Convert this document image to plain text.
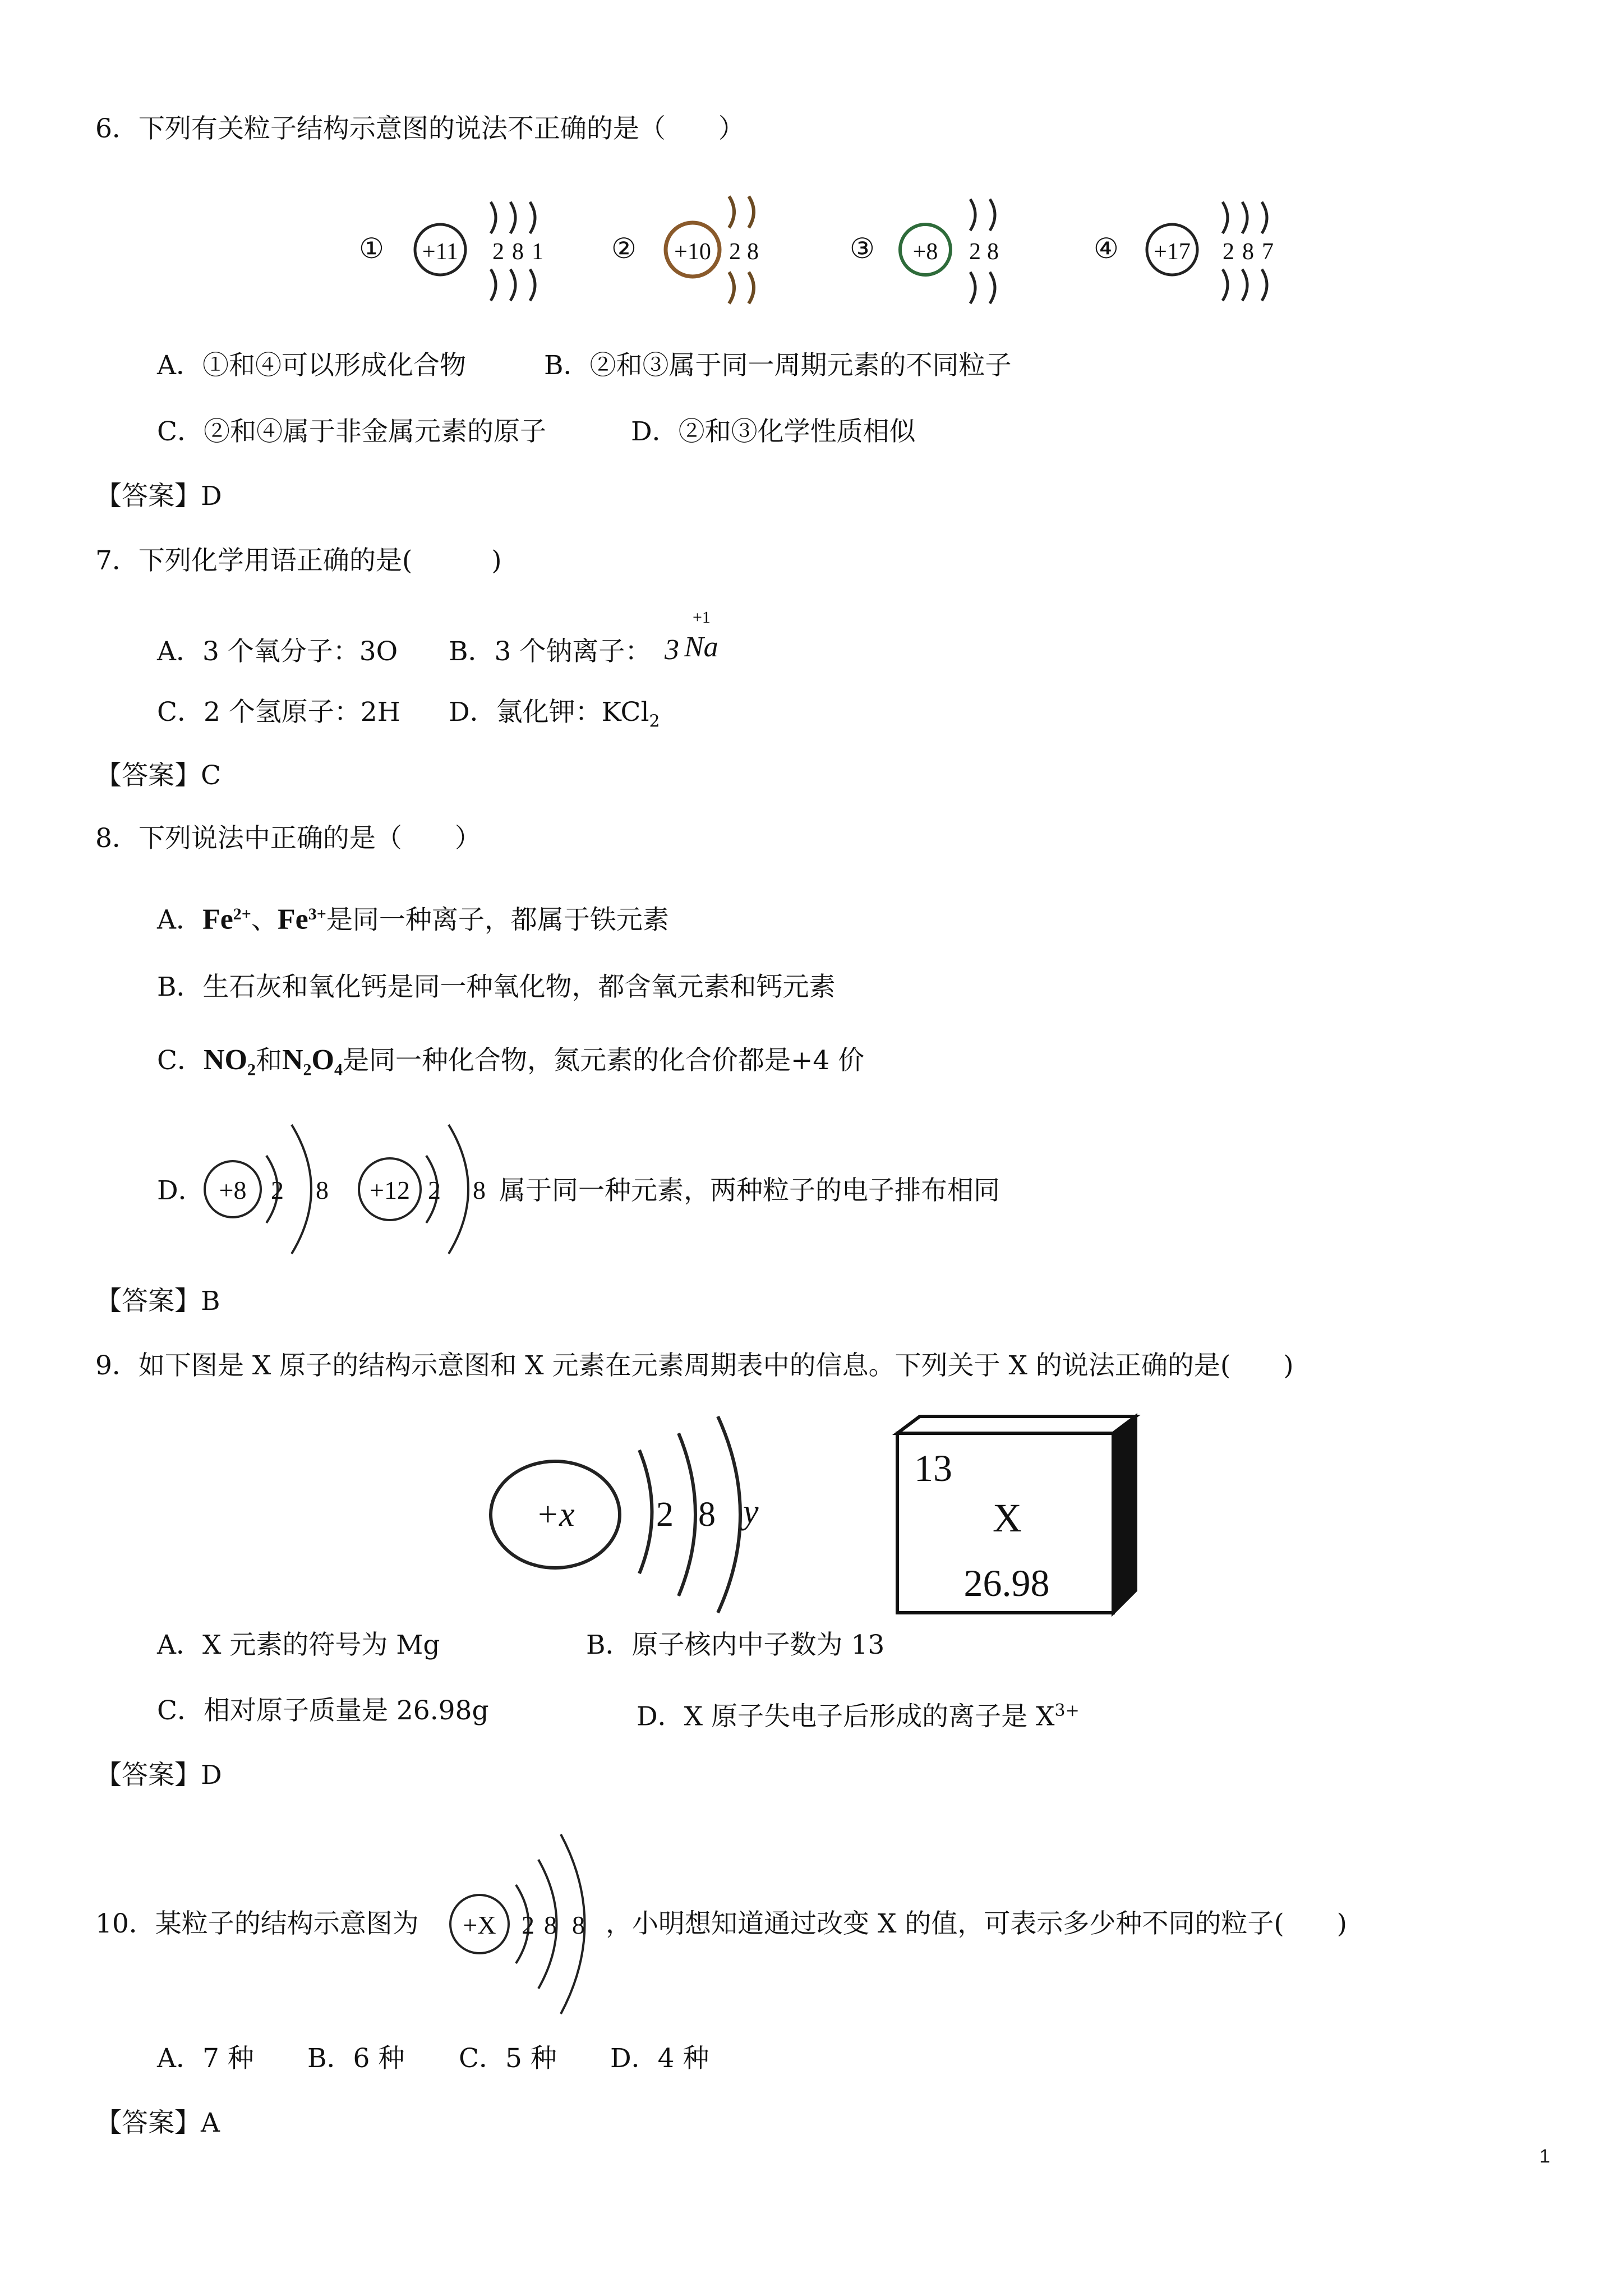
6．下列有关粒子结构示意图的说法不正确的是（　　）
① +11 2 8 1 ② +10 2 8	③ +8 2 8	④ +17 2 8 7
A．①和④可以形成化合物	B．②和③属于同一周期元素的不同粒子
C．②和④属于非金属元素的原子	D．②和③化学性质相似
【答案】D
7．下列化学用语正确的是(　　　)
A．3 个氧分子：3O B．3 个钠离子： 3
+1
Na
C．2 个氢原子：2H D．氯化钾：KCl$_2$
【答案】C
8．下列说法中正确的是（　　）
A．$Fe^{2+}$、$Fe^{3+}$是同一种离子，都属于铁元素
B．生石灰和氧化钙是同一种氧化物，都含氧元素和钙元素
C．$NO_2$和$N_2O_4$是同一种化合物，氮元素的化合价都是+4 价
D． +8 2 8 +12 2 8 属于同一种元素，两种粒子的电子排布相同
【答案】B
9．如下图是 X 原子的结构示意图和 X 元素在元素周期表中的信息。下列关于 X 的说法正确的是(　　)
+x 2 8 y
13
X
26.98
A．X 元素的符号为 Mg	B．原子核内中子数为 13
C．相对原子质量是 26.98g	D．X 原子失电子后形成的离子是 $X^{3+}$
【答案】D
10．某粒子的结构示意图为 +X 2 8 8 ，小明想知道通过改变 X 的值，可表示多少种不同的粒子(　　)
A．7 种 B．6 种 C．5 种 D．4 种
【答案】A
1
